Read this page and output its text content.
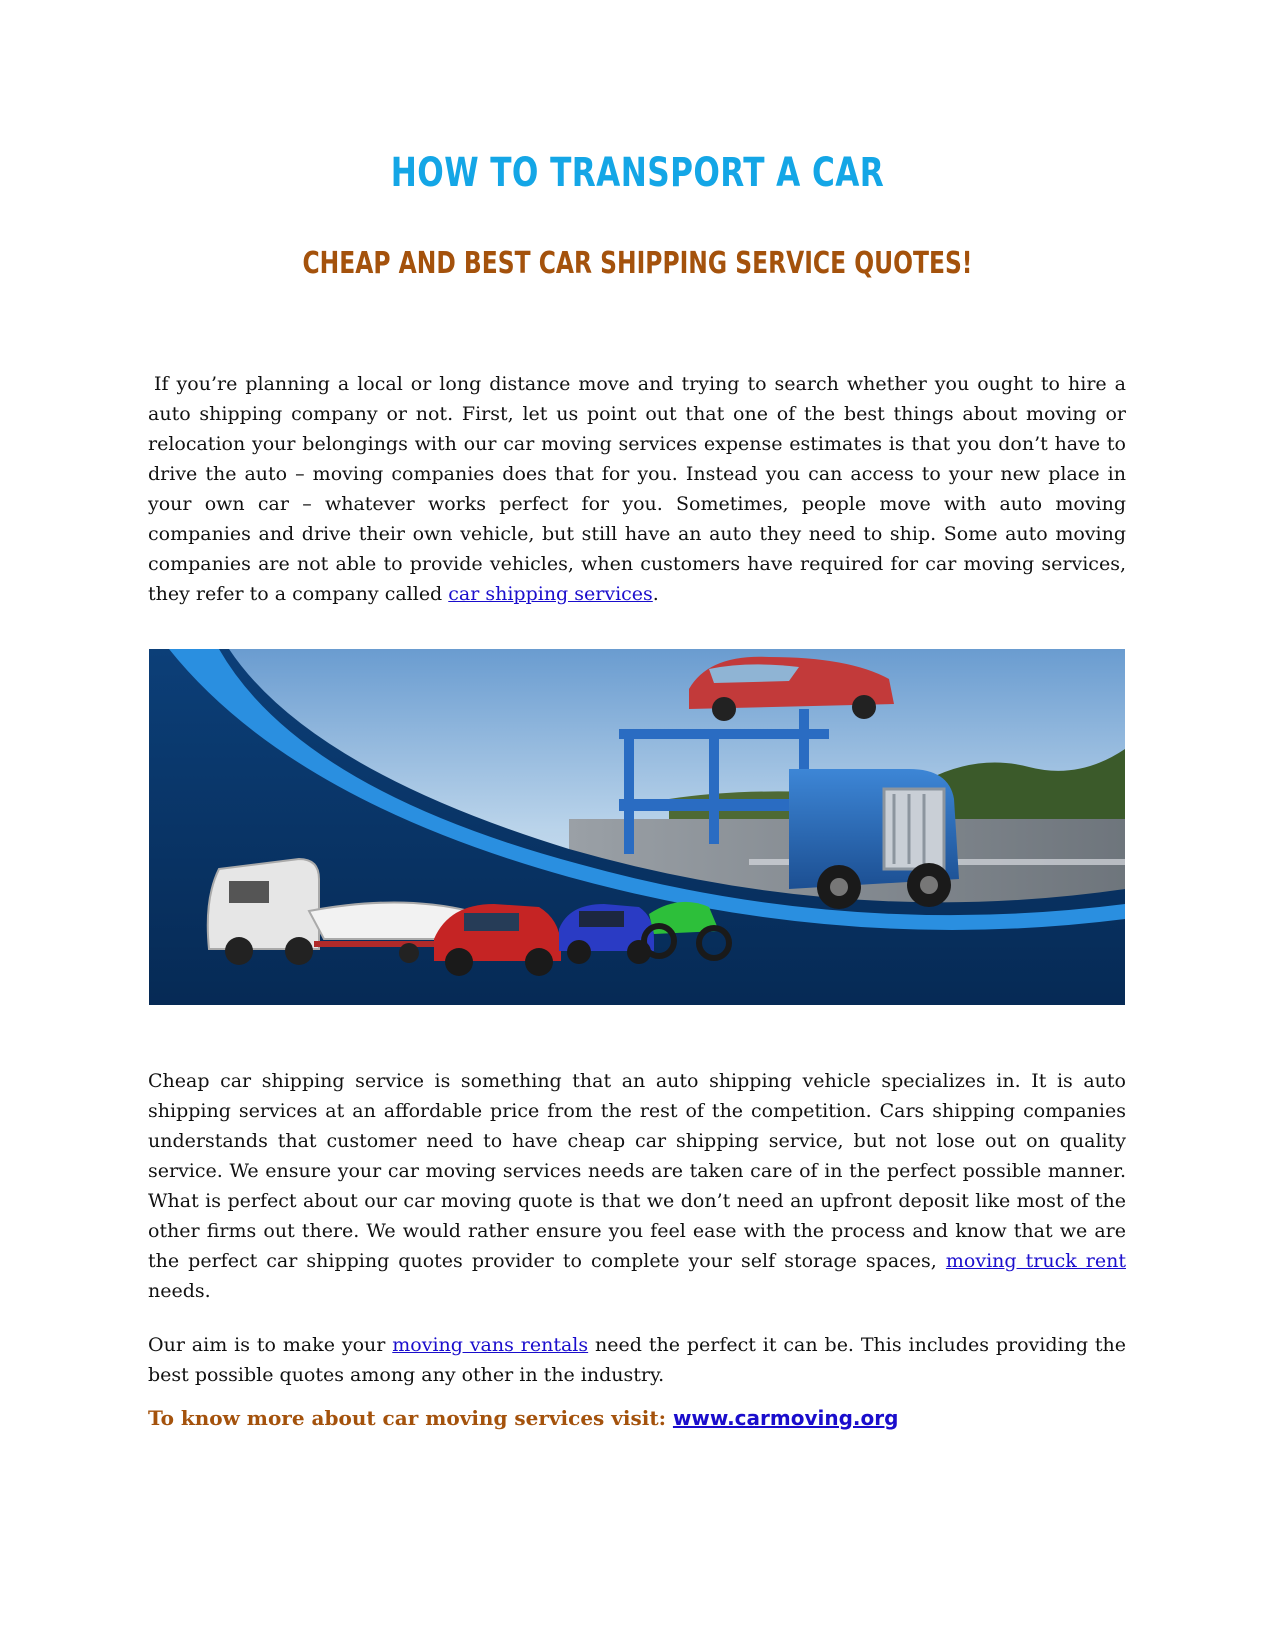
HOW TO TRANSPORT A CAR
CHEAP AND BEST CAR SHIPPING SERVICE QUOTES!

If you’re planning a local or long distance move and trying to search whether you ought to hire a auto shipping company or not. First, let us point out that one of the best things about moving or relocation your belongings with our car moving services expense estimates is that you don’t have to drive the auto – moving companies does that for you. Instead you can access to your new place in your own car – whatever works perfect for you. Sometimes, people move with auto moving companies and drive their own vehicle, but still have an auto they need to ship. Some auto moving companies are not able to provide vehicles, when customers have required for car moving services, they refer to a company called car shipping services.

Cheap car shipping service is something that an auto shipping vehicle specializes in. It is auto shipping services at an affordable price from the rest of the competition. Cars shipping companies understands that customer need to have cheap car shipping service, but not lose out on quality service. We ensure your car moving services needs are taken care of in the perfect possible manner. What is perfect about our car moving quote is that we don’t need an upfront deposit like most of the other firms out there. We would rather ensure you feel ease with the process and know that we are the perfect car shipping quotes provider to complete your self storage spaces, moving truck rent needs.

Our aim is to make your moving vans rentals need the perfect it can be. This includes providing the best possible quotes among any other in the industry.

To know more about car moving services visit: www.carmoving.org
